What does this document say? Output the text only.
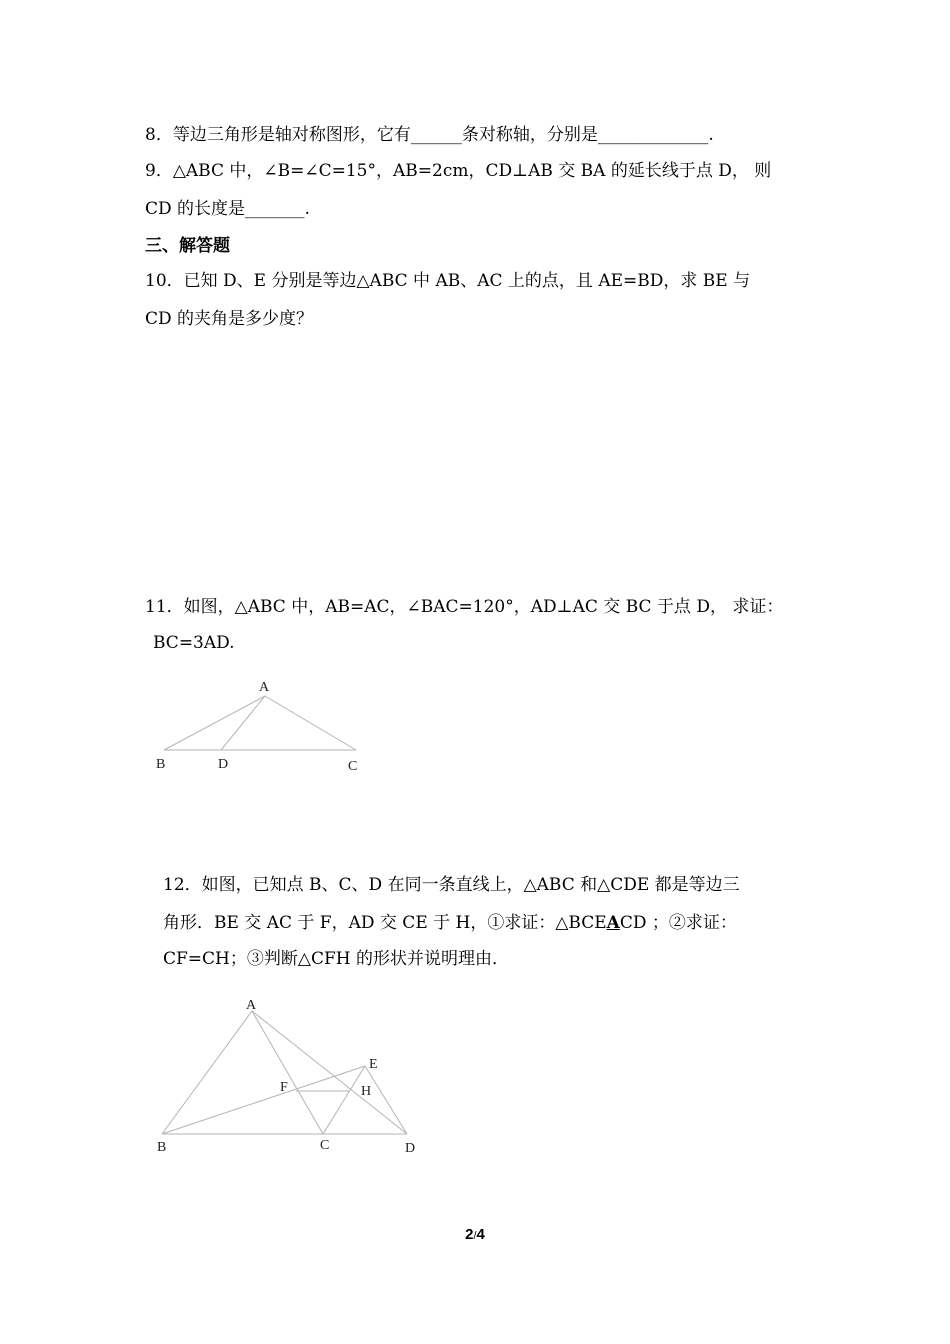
8．等边三角形是轴对称图形，它有______条对称轴，分别是_____________.
9．△ABC 中，∠B=∠C=15°，AB=2cm，CD⊥AB 交 BA 的延长线于点 D， 则
CD 的长度是_______.
三、解答题
10．已知 D、E 分别是等边△ABC 中 AB、AC 上的点，且 AE=BD，求 BE 与
CD 的夹角是多少度？
11．如图，△ABC 中，AB=AC，∠BAC=120°，AD⊥AC 交 BC 于点 D， 求证：
BC=3AD.
A
B	D	C
12．如图，已知点 B、C、D 在同一条直线上，△ABC 和△CDE 都是等边三
角形．BE 交 AC 于 F，AD 交 CE 于 H，①求证：△BCEACD ；②求证：
CF=CH；③判断△CFH 的形状并说明理由．
A
E
F	H
B	C	D
2/4
